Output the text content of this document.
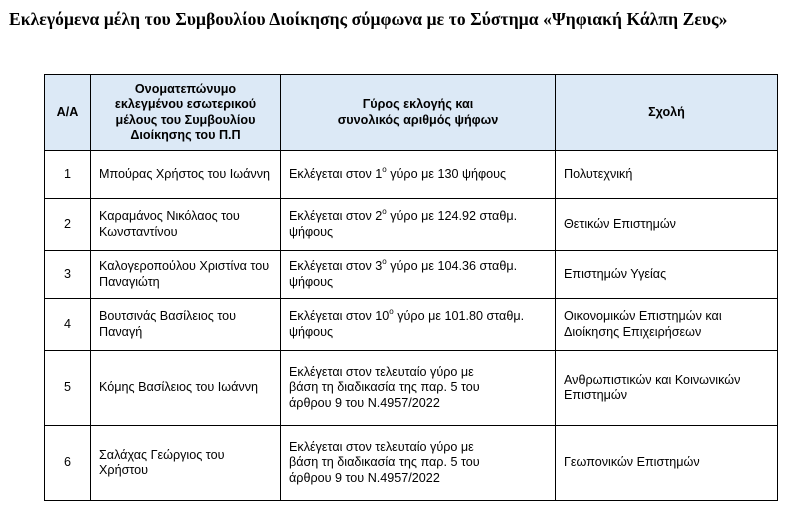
Εκλεγόμενα μέλη του Συμβουλίου Διοίκησης σύμφωνα με το Σύστημα «Ψηφιακή Κάλπη Ζευς»
Α/Α	Ονοματεπώνυμο εκλεγμένου εσωτερικού μέλους του Συμβουλίου Διοίκησης του Π.Π	Γύρος εκλογής και συνολικός αριθμός ψήφων	Σχολή
1	Μπούρας Χρήστος του Ιωάννη	Εκλέγεται στον $1^o$ γύρο με 130 ψήφους	Πολυτεχνική
2	Καραμάνος Νικόλαος του Κωνσταντίνου	Εκλέγεται στον $2^o$ γύρο με 124.92 σταθμ. ψήφους	Θετικών Επιστημών
3	Καλογεροπούλου Χριστίνα του Παναγιώτη	Εκλέγεται στον $3^o$ γύρο με 104.36 σταθμ. ψήφους	Επιστημών Υγείας
4	Βουτσινάς Βασίλειος του Παναγή	Εκλέγεται στον $10^o$ γύρο με 101.80 σταθμ. ψήφους	Οικονομικών Επιστημών και Διοίκησης Επιχειρήσεων
5	Κόμης Βασίλειος του Ιωάννη	Εκλέγεται στον τελευταίο γύρο με βάση τη διαδικασία της παρ. 5 του άρθρου 9 του Ν.4957/2022	Ανθρωπιστικών και Κοινωνικών Επιστημών
6	Σαλάχας Γεώργιος του Χρήστου	Εκλέγεται στον τελευταίο γύρο με βάση τη διαδικασία της παρ. 5 του άρθρου 9 του Ν.4957/2022	Γεωπονικών Επιστημών
